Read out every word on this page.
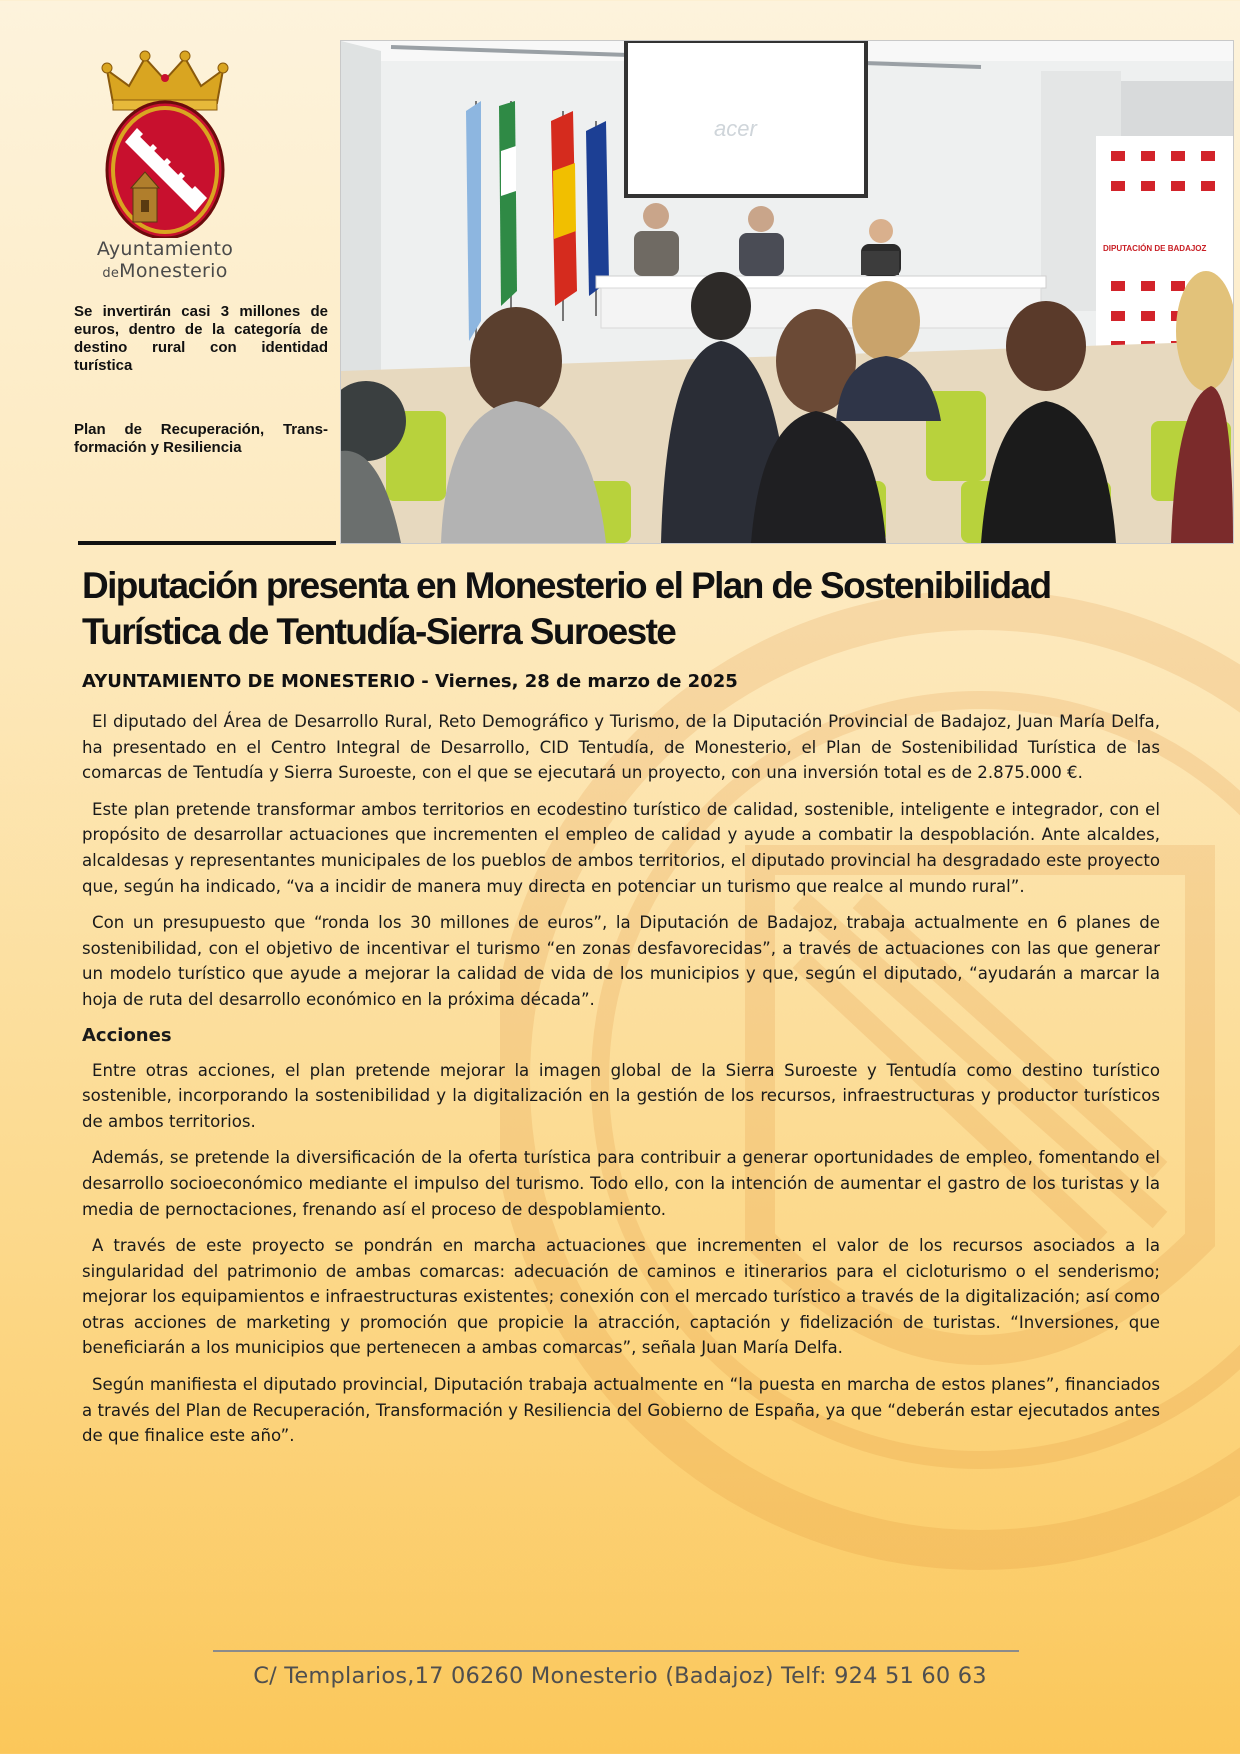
Ayuntamiento
deMonesterio
Se invertirán casi 3 millones de euros, dentro de la categoría de destino rural con identidad turística
Plan de Recuperación, Trans-formación y Resiliencia
acer
DIPUTACIÓN DE BADAJOZ
Diputación presenta en Monesterio el Plan de Sostenibilidad Turística de Tentudía-Sierra Suroeste

AYUNTAMIENTO DE MONESTERIO - Viernes, 28 de marzo de 2025

El diputado del Área de Desarrollo Rural, Reto Demográfico y Turismo, de la Diputación Provincial de Badajoz, Juan María Delfa, ha presentado en el Centro Integral de Desarrollo, CID Tentudía, de Monesterio, el Plan de Sostenibilidad Turística de las comarcas de Tentudía y Sierra Suroeste, con el que se ejecutará un proyecto, con una inversión total es de 2.875.000 €.

Este plan pretende transformar ambos territorios en ecodestino turístico de calidad, sostenible, inteligente e integrador, con el propósito de desarrollar actuaciones que incrementen el empleo de calidad y ayude a combatir la despoblación. Ante alcaldes, alcaldesas y representantes municipales de los pueblos de ambos territorios, el diputado provincial ha desgradado este proyecto que, según ha indicado, “va a incidir de manera muy directa en potenciar un turismo que realce al mundo rural”.

Con un presupuesto que “ronda los 30 millones de euros”, la Diputación de Badajoz, trabaja actualmente en 6 planes de sostenibilidad, con el objetivo de incentivar el turismo “en zonas desfavorecidas”, a través de actuaciones con las que generar un modelo turístico que ayude a mejorar la calidad de vida de los municipios y que, según el diputado, “ayudarán a marcar la hoja de ruta del desarrollo económico en la próxima década”.

Acciones

Entre otras acciones, el plan pretende mejorar la imagen global de la Sierra Suroeste y Tentudía como destino turístico sostenible, incorporando la sostenibilidad y la digitalización en la gestión de los recursos, infraestructuras y productor turísticos de ambos territorios.

Además, se pretende la diversificación de la oferta turística para contribuir a generar oportunidades de empleo, fomentando el desarrollo socioeconómico mediante el impulso del turismo. Todo ello, con la intención de aumentar el gastro de los turistas y la media de pernoctaciones, frenando así el proceso de despoblamiento.

A través de este proyecto se pondrán en marcha actuaciones que incrementen el valor de los recursos asociados a la singularidad del patrimonio de ambas comarcas: adecuación de caminos e itinerarios para el cicloturismo o el senderismo; mejorar los equipamientos e infraestructuras existentes; conexión con el mercado turístico a través de la digitalización; así como otras acciones de marketing y promoción que propicie la atracción, captación y fidelización de turistas. “Inversiones, que beneficiarán a los municipios que pertenecen a ambas comarcas”, señala Juan María Delfa.

Según manifiesta el diputado provincial, Diputación trabaja actualmente en “la puesta en marcha de estos planes”, financiados a través del Plan de Recuperación, Transformación y Resiliencia del Gobierno de España, ya que “deberán estar ejecutados antes de que finalice este año”.

C/ Templarios,17 06260 Monesterio (Badajoz) Telf: 924 51 60 63
